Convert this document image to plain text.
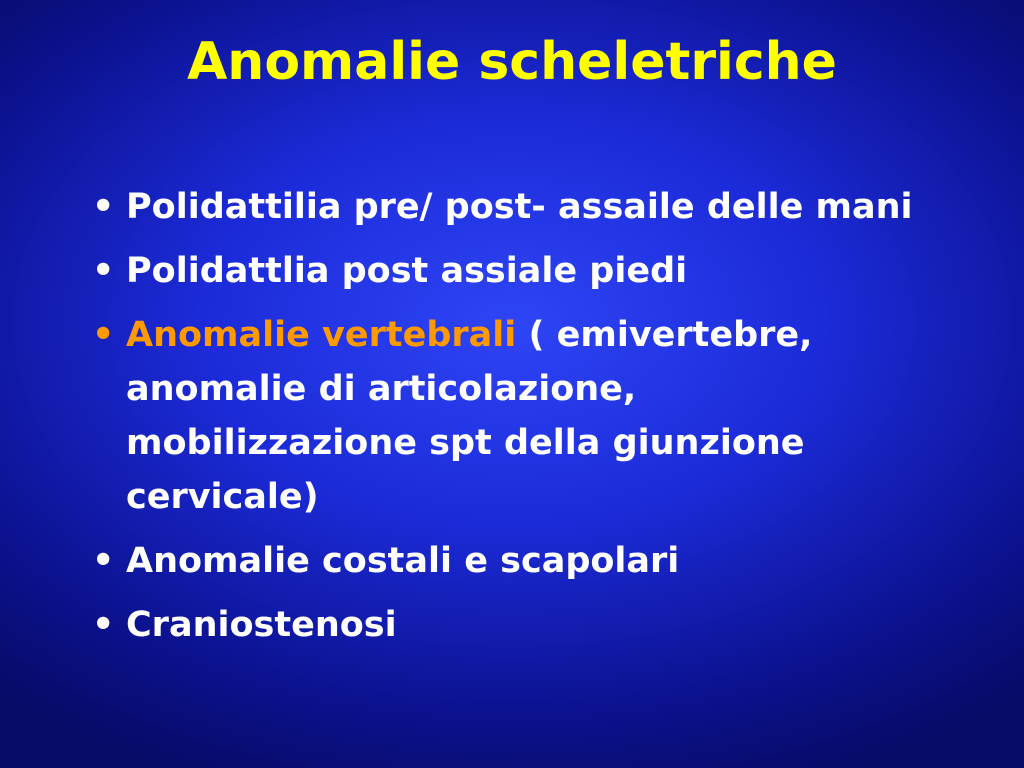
Anomalie scheletriche
• Polidattilia pre/ post- assaile delle mani
• Polidattlia post assiale piedi
• Anomalie vertebrali ( emivertebre, anomalie di articolazione, mobilizzazione spt della giunzione cervicale)
• Anomalie costali e scapolari
• Craniostenosi
